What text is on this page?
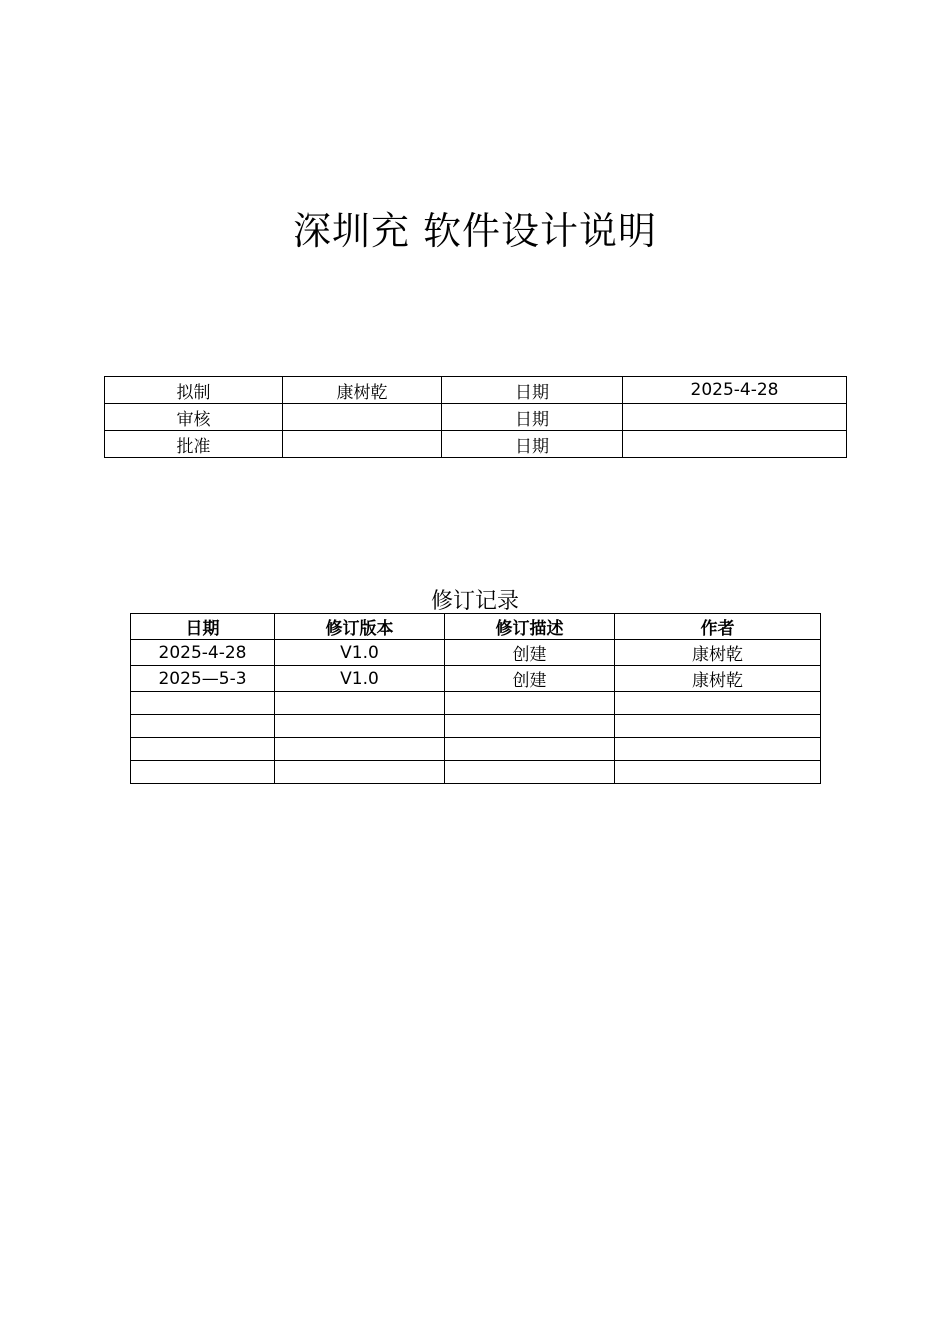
深圳充 软件设计说明
拟制	康树乾	日期	2025-4-28
审核		日期	
批准		日期	
修订记录
日期	修订版本	修订描述	作者
2025-4-28	V1.0	创建	康树乾
2025—5-3	V1.0	创建	康树乾
